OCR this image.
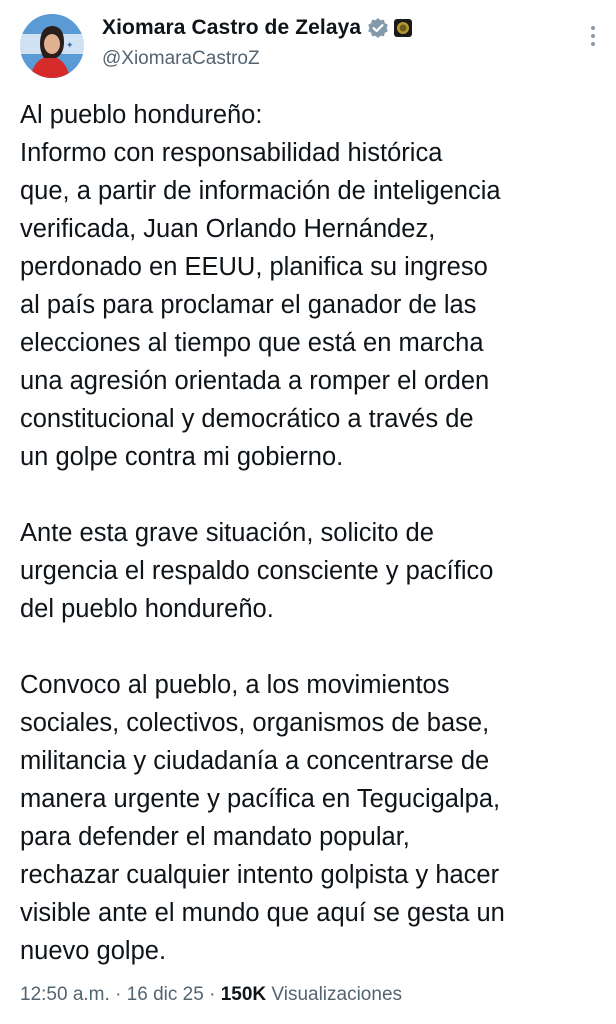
✦
Xiomara Castro de Zelaya
@XiomaraCastroZ

Al pueblo hondureño:

Informo con responsabilidad histórica

que, a partir de información de inteligencia

verificada, Juan Orlando Hernández,

perdonado en EEUU, planifica su ingreso

al país para proclamar el ganador de las

elecciones al tiempo que está en marcha

una agresión orientada a romper el orden

constitucional y democrático a través de

un golpe contra mi gobierno.

Ante esta grave situación, solicito de

urgencia el respaldo consciente y pacífico

del pueblo hondureño.

Convoco al pueblo, a los movimientos

sociales, colectivos, organismos de base,

militancia y ciudadanía a concentrarse de

manera urgente y pacífica en Tegucigalpa,

para defender el mandato popular,

rechazar cualquier intento golpista y hacer

visible ante el mundo que aquí se gesta un

nuevo golpe.

12:50 a.m. · 16 dic 25 · 150K Visualizaciones
